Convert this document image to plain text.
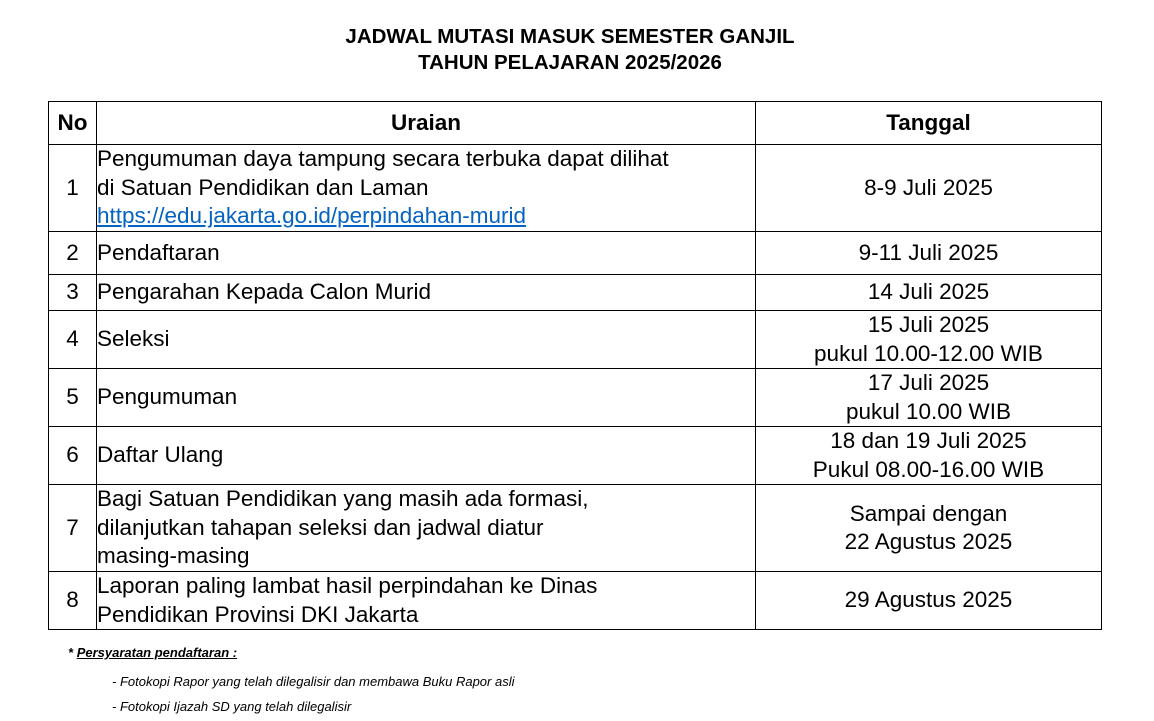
JADWAL MUTASI MASUK SEMESTER GANJIL
TAHUN PELAJARAN 2025/2026
No	Uraian	Tanggal
1	Pengumuman daya tampung secara terbuka dapat dilihat
di Satuan Pendidikan dan Laman
https://edu.jakarta.go.id/perpindahan-murid	8-9 Juli 2025

2	Pendaftaran	9-11 Juli 2025

3	Pengarahan Kepada Calon Murid	14 Juli 2025

4	Seleksi	15 Juli 2025
pukul 10.00-12.00 WIB

5	Pengumuman	17 Juli 2025
pukul 10.00 WIB

6	Daftar Ulang	18 dan 19 Juli 2025
Pukul 08.00-16.00 WIB

7	Bagi Satuan Pendidikan yang masih ada formasi,
dilanjutkan tahapan seleksi dan jadwal diatur
masing-masing	Sampai dengan
22 Agustus 2025

8	Laporan paling lambat hasil perpindahan ke Dinas
Pendidikan Provinsi DKI Jakarta	29 Agustus 2025
* Persyaratan pendaftaran :
- Fotokopi Rapor yang telah dilegalisir dan membawa Buku Rapor asli
- Fotokopi Ijazah SD yang telah dilegalisir
